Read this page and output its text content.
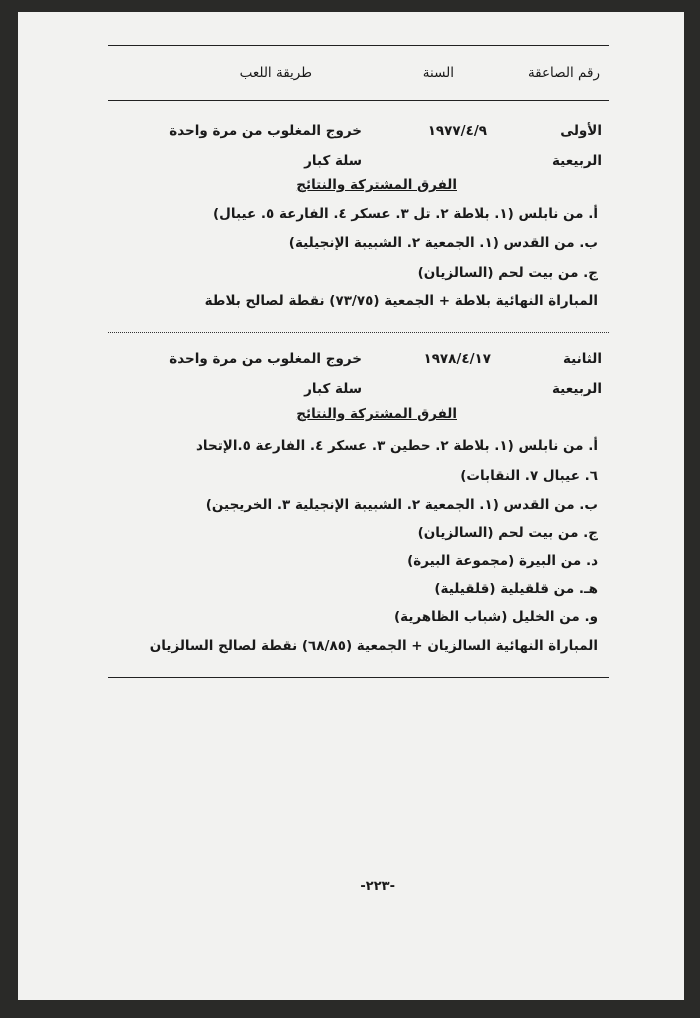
رقم الصاعقة
السنة
طريقة اللعب
الأولى
١٩٧٧/٤/٩
خروج المغلوب من مرة واحدة
الربيعية
سلة كبار
الفرق المشتركة والنتائج
أ. من نابلس (١. بلاطة ٢. تل ٣. عسكر ٤. الفارعة ٥. عيبال)
ب. من القدس (١. الجمعية ٢. الشبيبة الإنجيلية)
ج. من بيت لحم (السالزيان)
المباراة النهائية بلاطة + الجمعية (٧٣/٧٥) نقطة لصالح بلاطة
الثانية
١٩٧٨/٤/١٧
خروج المغلوب من مرة واحدة
الربيعية
سلة كبار
الفرق المشتركة والنتائج
أ. من نابلس (١. بلاطة ٢. حطين ٣. عسكر ٤. الفارعة ٥.الإتحاد
٦. عيبال ٧. النقابات)
ب. من القدس (١. الجمعية ٢. الشبيبة الإنجيلية ٣. الخريجين)
ج. من بيت لحم (السالزيان)
د. من البيرة (مجموعة البيرة)
هـ. من قلقيلية (قلقيلية)
و. من الخليل (شباب الظاهرية)
المباراة النهائية السالزيان + الجمعية (٦٨/٨٥) نقطة لصالح السالزيان
-٢٢٣-
